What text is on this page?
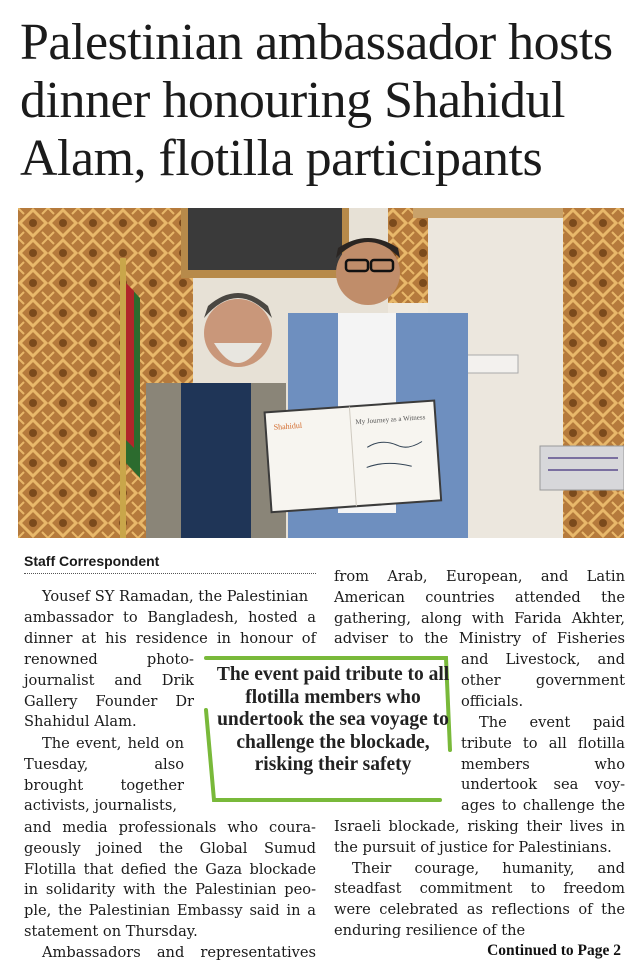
Palestinian ambassador hosts dinner honouring Shahidul Alam, flotilla participants
Shahidul
My Journey as a Witness
Staff Correspondent
Yousef SY Ramadan, the Palestinian
ambassador to Bangladesh, hosted a
dinner at his residence in honour of
renowned photo-
journalist and Drik
Gallery Founder Dr
Shahidul Alam.
The event, held on
Tuesday, also
brought together
activists, journalists,
and media professionals who coura-
geously joined the Global Sumud
Flotilla that defied the Gaza blockade
in solidarity with the Palestinian peo-
ple, the Palestinian Embassy said in a
statement on Thursday.
Ambassadors and representatives
from Arab, European, and Latin
American countries attended the
gathering, along with Farida Akhter,
adviser to the Ministry of Fisheries
and Livestock, and
other government
officials.
The event paid
tribute to all flotilla
members who
undertook sea voy-
ages to challenge the
Israeli blockade, risking their lives in
the pursuit of justice for Palestinians.
Their courage, humanity, and
steadfast commitment to freedom
were celebrated as reflections of the
enduring resilience of the
The event paid tribute to all flotilla members who undertook the sea voyage to challenge the blockade, risking their safety
Continued to Page 2
